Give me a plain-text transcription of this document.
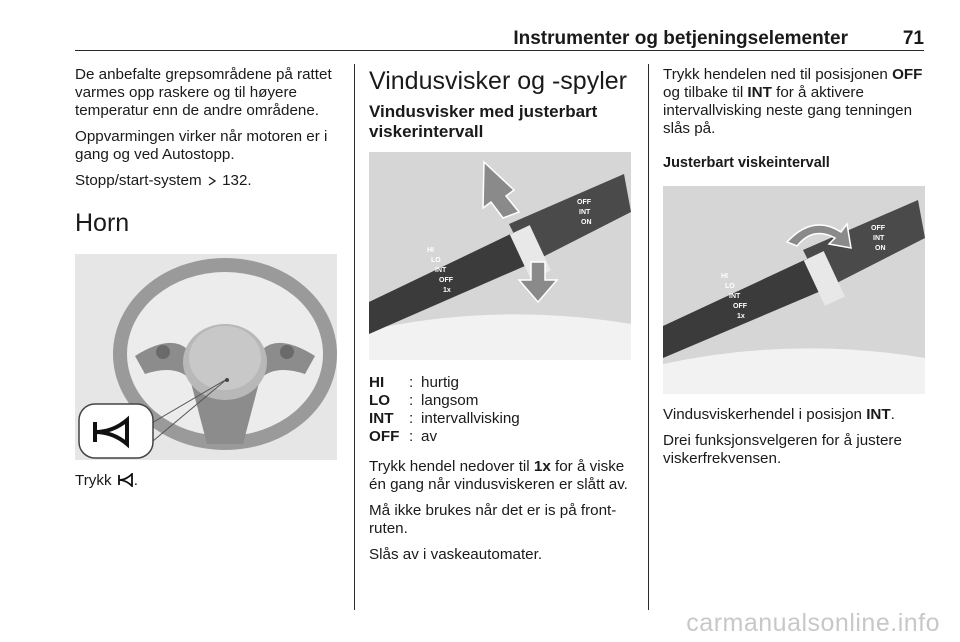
Instrumenter og betjeningselementer	71

De anbefalte grepsområdene på rattet varmes opp raskere og til høyere temperatur enn de andre områdene.

Oppvarmingen virker når motoren er i gang og ved Autostopp.

Stopp/start-system 132.

Horn

Trykk .

Vindusvisker og -spyler
Vindusvisker med justerbart viskerintervall
HI
LO
INT
OFF
1x
OFF
INT
ON
HI	: hurtig
LO	: langsom
INT	: intervallvisking
OFF : av

Trykk hendel nedover til 1x for å viske én gang når vindusviskeren er slått av.

Må ikke brukes når det er is på frontruten.

Slås av i vaskeautomater.

Trykk hendelen ned til posisjonen OFF og tilbake til INT for å aktivere intervallvisking neste gang tenningen slås på.

Justerbart viskeintervall
HI
LO
INT
OFF
1x
OFF
INT
ON

Vindusviskerhendel i posisjon INT.

Drei funksjonsvelgeren for å justere viskerfrekvensen.

carmanualsonline.info
